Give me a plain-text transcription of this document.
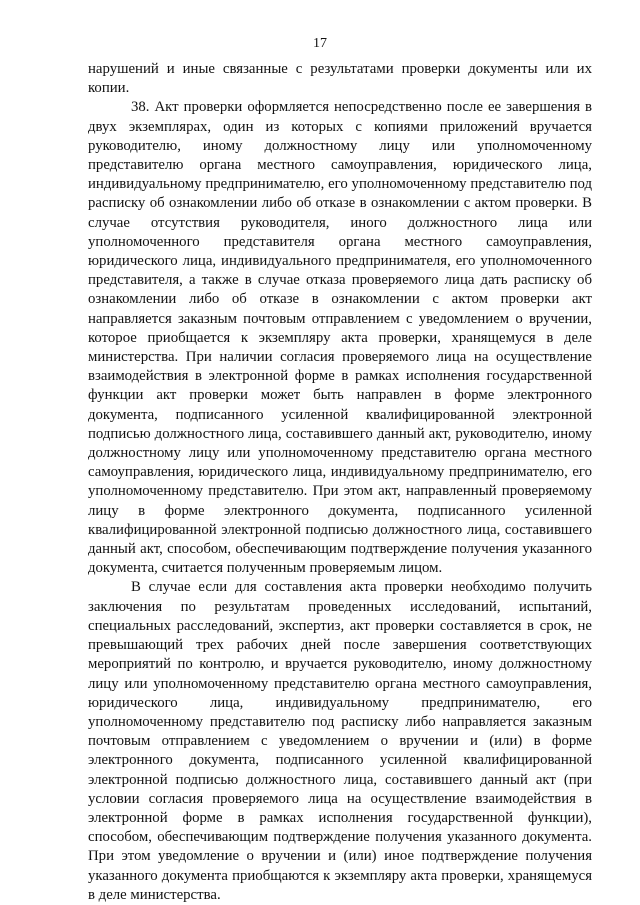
17

нарушений и иные связанные с результатами проверки документы или их копии.

38. Акт проверки оформляется непосредственно после ее завершения в двух экземплярах, один из которых с копиями приложений вручается руководителю, иному должностному лицу или уполномоченному представителю органа местного самоуправления, юридического лица, индивидуальному предпринимателю, его уполномоченному представителю под расписку об ознакомлении либо об отказе в ознакомлении с актом проверки. В случае отсутствия руководителя, иного должностного лица или уполномоченного представителя органа местного самоуправления, юридического лица, индивидуального предпринимателя, его уполномоченного представителя, а также в случае отказа проверяемого лица дать расписку об ознакомлении либо об отказе в ознакомлении с актом проверки акт направляется заказным почтовым отправлением с уведомлением о вручении, которое приобщается к экземпляру акта проверки, хранящемуся в деле министерства. При наличии согласия проверяемого лица на осуществление взаимодействия в электронной форме в рамках исполнения государственной функции акт проверки может быть направлен в форме электронного документа, подписанного усиленной квалифицированной электронной подписью должностного лица, составившего данный акт, руководителю, иному должностному лицу или уполномоченному представителю органа местного самоуправления, юридического лица, индивидуальному предпринимателю, его уполномоченному представителю. При этом акт, направленный проверяемому лицу в форме электронного документа, подписанного усиленной квалифицированной электронной подписью должностного лица, составившего данный акт, способом, обеспечивающим подтверждение получения указанного документа, считается полученным проверяемым лицом.

В случае если для составления акта проверки необходимо получить заключения по результатам проведенных исследований, испытаний, специальных расследований, экспертиз, акт проверки составляется в срок, не превышающий трех рабочих дней после завершения соответствующих мероприятий по контролю, и вручается руководителю, иному должностному лицу или уполномоченному представителю органа местного самоуправления, юридического лица, индивидуальному предпринимателю, его уполномоченному представителю под расписку либо направляется заказным почтовым отправлением с уведомлением о вручении и (или) в форме электронного документа, подписанного усиленной квалифицированной электронной подписью должностного лица, составившего данный акт (при условии согласия проверяемого лица на осуществление взаимодействия в электронной форме в рамках исполнения государственной функции), способом, обеспечивающим подтверждение получения указанного документа. При этом уведомление о вручении и (или) иное подтверждение получения указанного документа приобщаются к экземпляру акта проверки, хранящемуся в деле министерства.
